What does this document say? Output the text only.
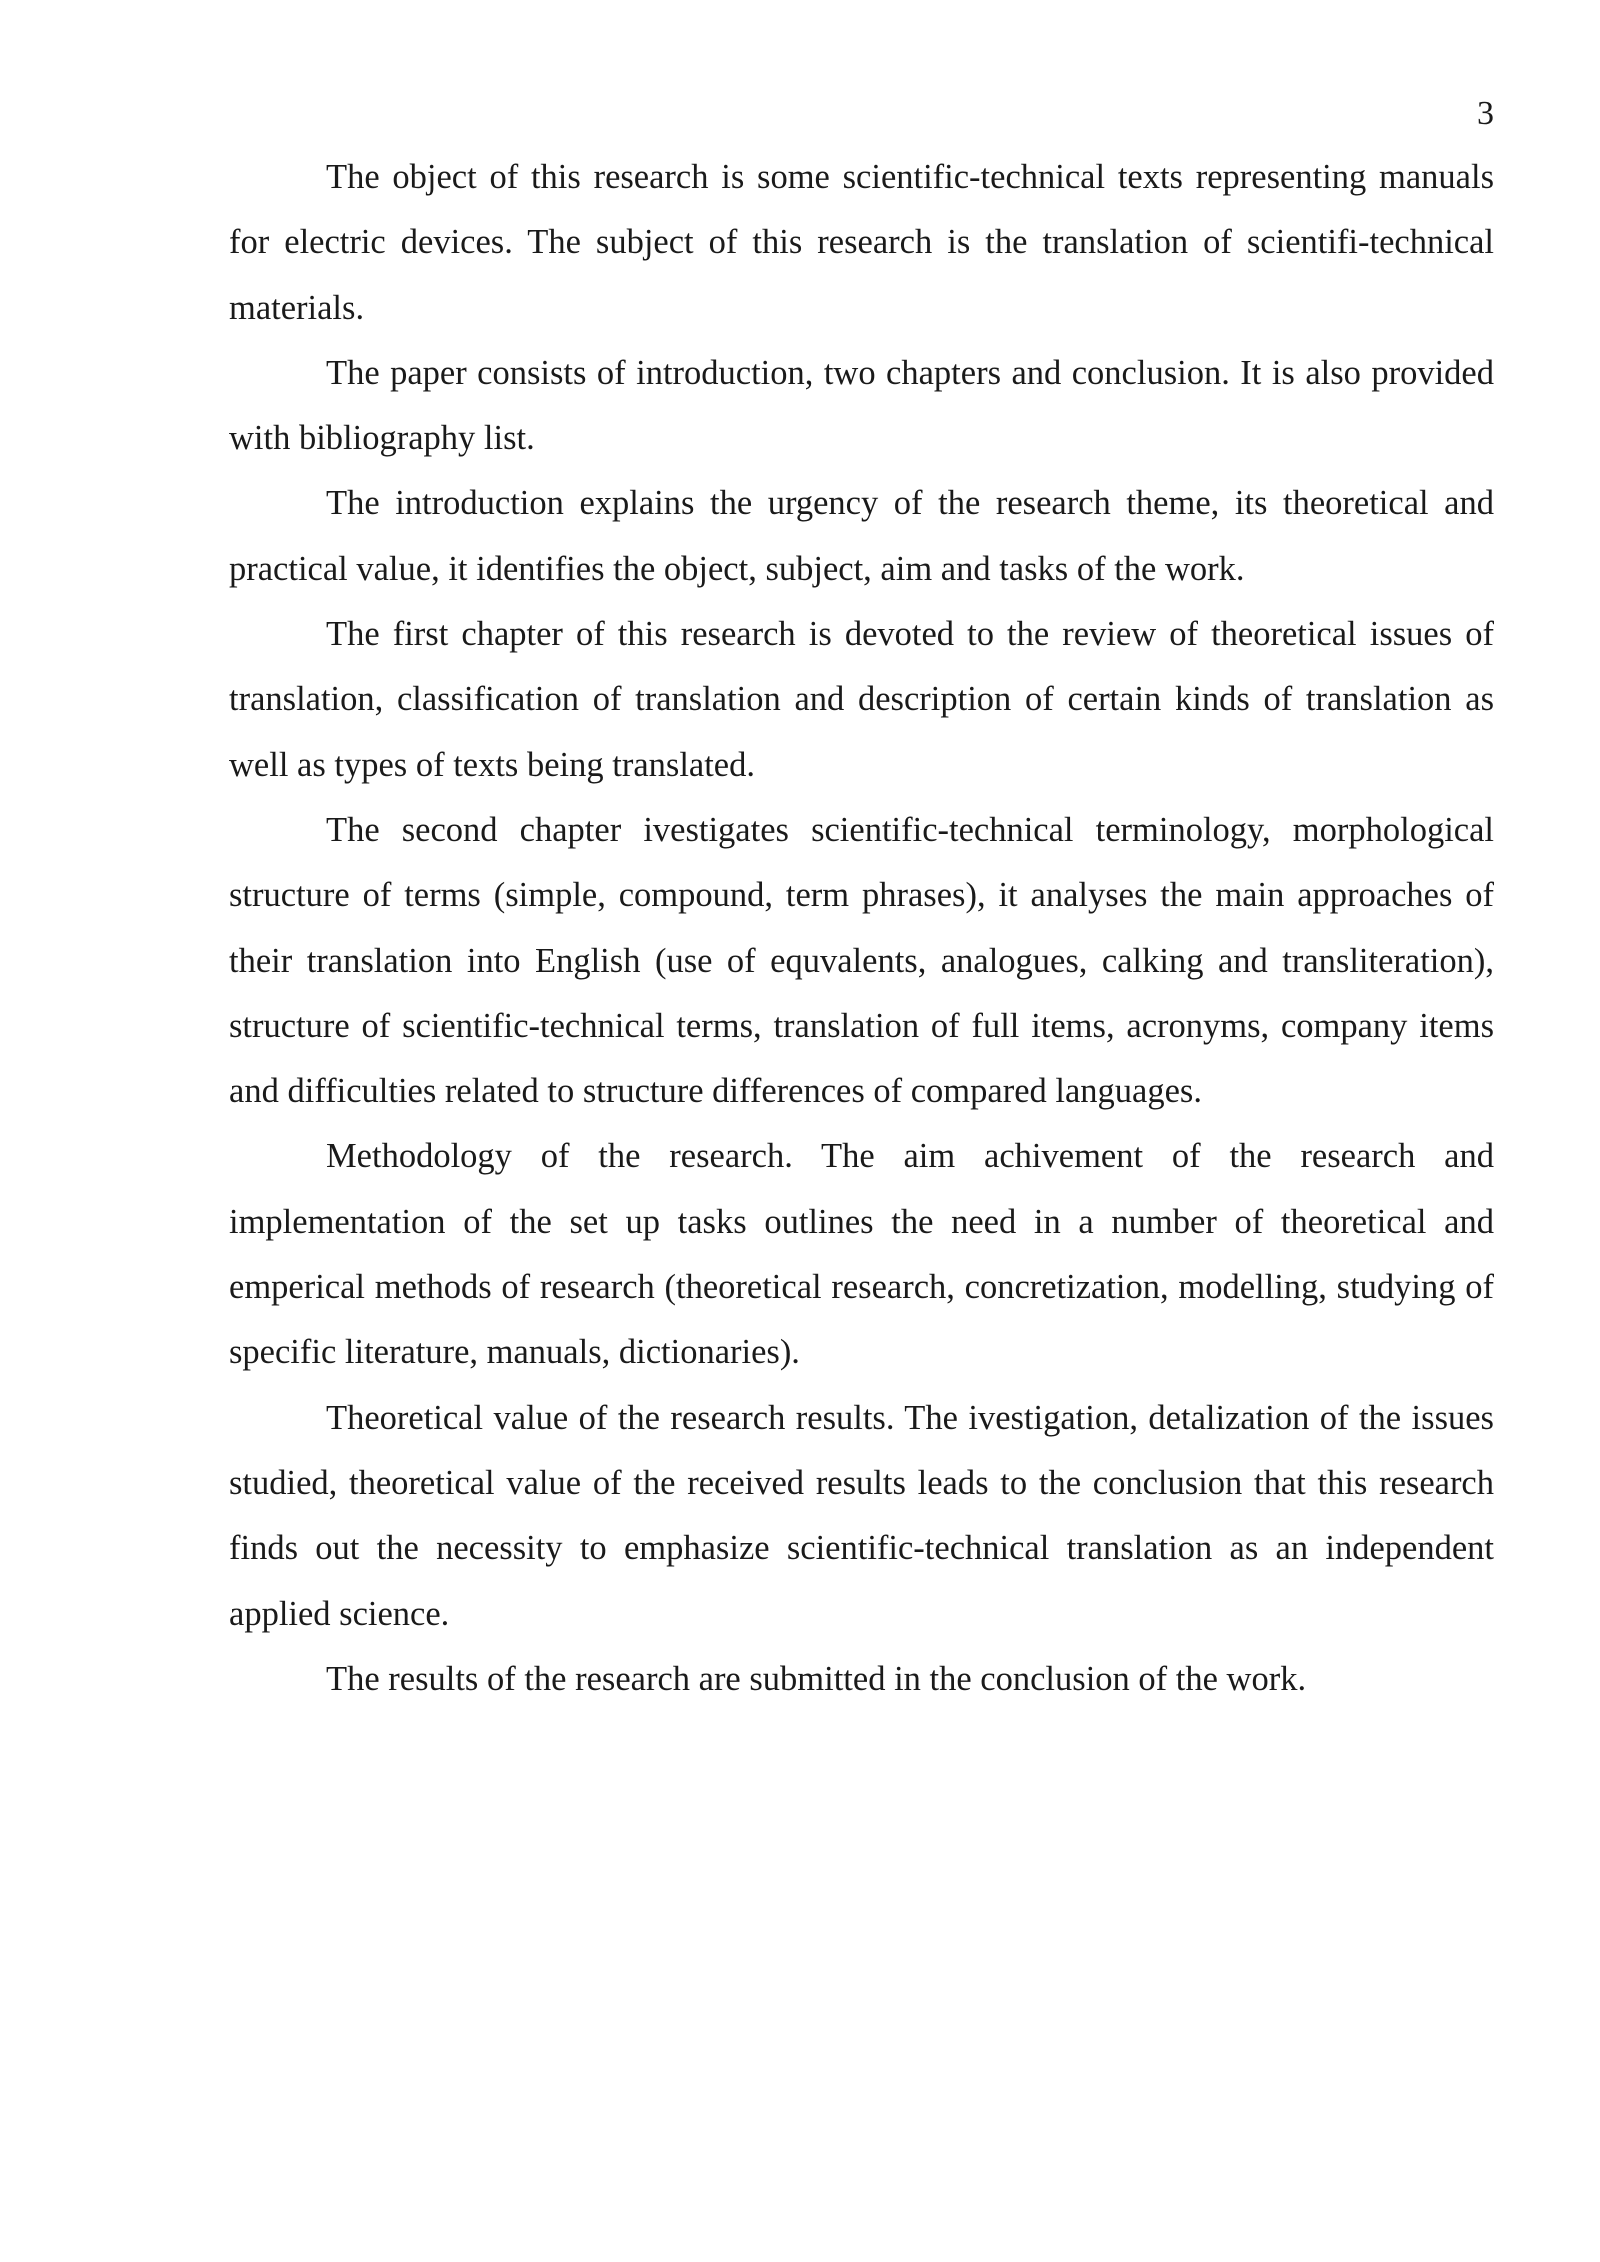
3

The object of this research is some scientific-technical texts representing manuals for electric devices. The subject of this research is the translation of scientifi-technical materials.

The paper consists of introduction, two chapters and conclusion. It is also provided with bibliography list.

The introduction explains the urgency of the research theme, its theoretical and practical value, it identifies the object, subject, aim and tasks of the work.

The first chapter of this research is devoted to the review of theoretical issues of translation, classification of translation and description of certain kinds of translation as well as types of texts being translated.

The second chapter ivestigates scientific-technical terminology, morphological structure of terms (simple, compound, term phrases), it analyses the main approaches of their translation into English (use of equvalents, analogues, calking and transliteration), structure of scientific-technical terms, translation of full items, acronyms, company items and difficulties related to structure differences of compared languages.

Methodology of the research. The aim achivement of the research and implementation of the set up tasks outlines the need in a number of theoretical and emperical methods of research (theoretical research, concretization, modelling, studying of specific literature, manuals, dictionaries).

Theoretical value of the research results. The ivestigation, detalization of the issues studied, theoretical value of the received results leads to the conclusion that this research finds out the necessity to emphasize scientific-technical translation as an independent applied science.

The results of the research are submitted in the conclusion of the work.
